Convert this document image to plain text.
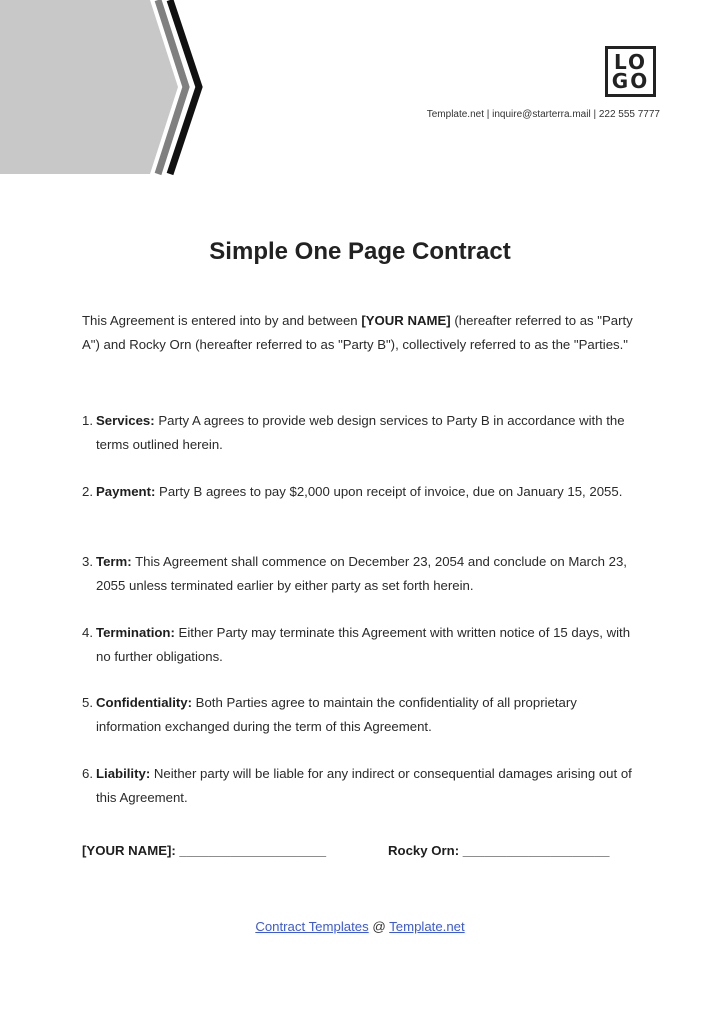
LO
GO
Template.net | inquire@starterra.mail | 222 555 7777
Simple One Page Contract

This Agreement is entered into by and between [YOUR NAME] (hereafter referred to as "Party A") and Rocky Orn (hereafter referred to as "Party B"), collectively referred to as the "Parties."

1. Services: Party A agrees to provide web design services to Party B in accordance with the terms outlined herein.
2. Payment: Party B agrees to pay $2,000 upon receipt of invoice, due on January 15, 2055.
3. Term: This Agreement shall commence on December 23, 2054 and conclude on March 23, 2055 unless terminated earlier by either party as set forth herein.
4. Termination: Either Party may terminate this Agreement with written notice of 15 days, with no further obligations.
5. Confidentiality: Both Parties agree to maintain the confidentiality of all proprietary information exchanged during the term of this Agreement.
6. Liability: Neither party will be liable for any indirect or consequential damages arising out of this Agreement.
[YOUR NAME]: ____________________	Rocky Orn: ____________________
Contract Templates @ Template.net
